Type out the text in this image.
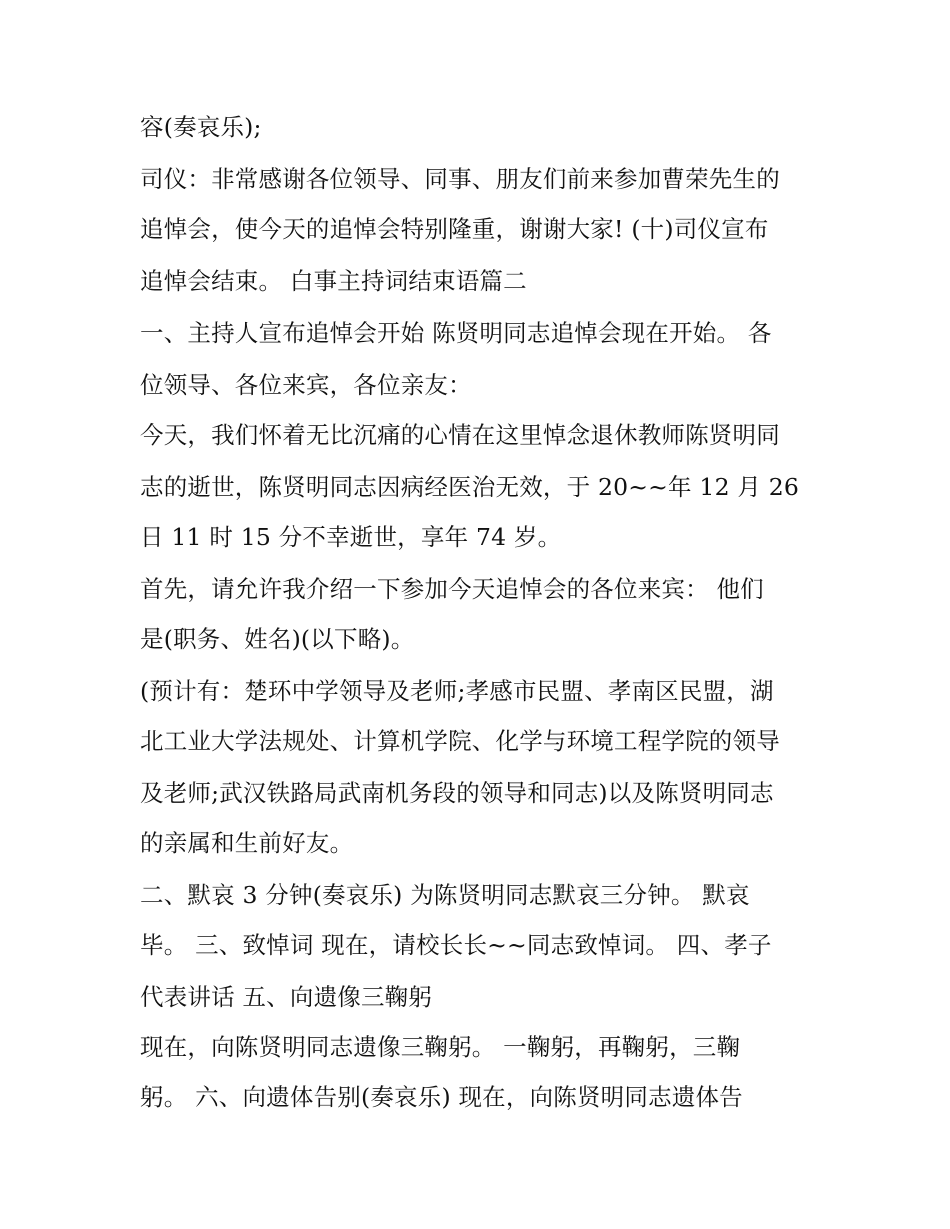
容(奏哀乐);
司仪：非常感谢各位领导、同事、朋友们前来参加曹荣先生的
追悼会，使今天的追悼会特别隆重，谢谢大家! (十)司仪宣布
追悼会结束。 白事主持词结束语篇二
一、主持人宣布追悼会开始 陈贤明同志追悼会现在开始。 各
位领导、各位来宾，各位亲友：
今天，我们怀着无比沉痛的心情在这里悼念退休教师陈贤明同
志的逝世，陈贤明同志因病经医治无效，于 20~~年 12 月 26
日 11 时 15 分不幸逝世，享年 74 岁。
首先，请允许我介绍一下参加今天追悼会的各位来宾： 他们
是(职务、姓名)(以下略)。
(预计有：楚环中学领导及老师;孝感市民盟、孝南区民盟，湖
北工业大学法规处、计算机学院、化学与环境工程学院的领导
及老师;武汉铁路局武南机务段的领导和同志)以及陈贤明同志
的亲属和生前好友。
二、默哀 3 分钟(奏哀乐) 为陈贤明同志默哀三分钟。 默哀
毕。 三、致悼词 现在，请校长长~~同志致悼词。 四、孝子
代表讲话 五、向遗像三鞠躬
现在，向陈贤明同志遗像三鞠躬。 一鞠躬，再鞠躬，三鞠
躬。 六、向遗体告别(奏哀乐) 现在，向陈贤明同志遗体告
